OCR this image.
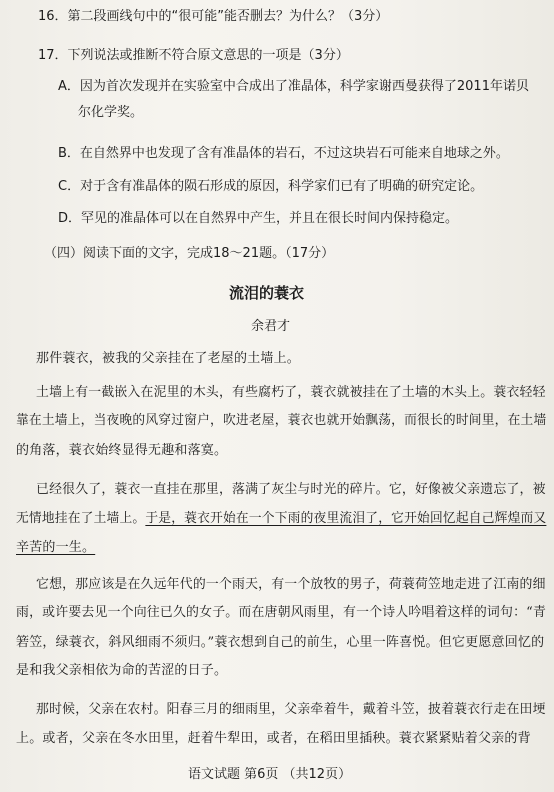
16．第二段画线句中的“很可能”能否删去？为什么？（3分）
17．下列说法或推断不符合原文意思的一项是（3分）
A．因为首次发现并在实验室中合成出了准晶体，科学家谢西曼获得了2011年诺贝
尔化学奖。
B．在自然界中也发现了含有准晶体的岩石，不过这块岩石可能来自地球之外。
C．对于含有准晶体的陨石形成的原因，科学家们已有了明确的研究定论。
D．罕见的准晶体可以在自然界中产生，并且在很长时间内保持稳定。
（四）阅读下面的文字，完成18～21题。（17分）
流泪的蓑衣
余君才
那件蓑衣，被我的父亲挂在了老屋的土墙上。
土墙上有一截嵌入在泥里的木头，有些腐朽了，蓑衣就被挂在了土墙的木头上。蓑衣轻轻
靠在土墙上，当夜晚的风穿过窗户，吹进老屋，蓑衣也就开始飘荡，而很长的时间里，在土墙
的角落，蓑衣始终显得无趣和落寞。
已经很久了，蓑衣一直挂在那里，落满了灰尘与时光的碎片。它，好像被父亲遗忘了，被
无情地挂在了土墙上。于是，蓑衣开始在一个下雨的夜里流泪了，它开始回忆起自己辉煌而又
辛苦的一生。
它想，那应该是在久远年代的一个雨天，有一个放牧的男子，荷蓑荷笠地走进了江南的细
雨，或许要去见一个向往已久的女子。而在唐朝风雨里，有一个诗人吟唱着这样的词句：“青
箬笠，绿蓑衣，斜风细雨不须归。”蓑衣想到自己的前生，心里一阵喜悦。但它更愿意回忆的
是和我父亲相依为命的苦涩的日子。
那时候，父亲在农村。阳春三月的细雨里，父亲牵着牛，戴着斗笠，披着蓑衣行走在田埂
上。或者，父亲在冬水田里，赶着牛犁田，或者，在稻田里插秧。蓑衣紧紧贴着父亲的背
语文试题 第6页 （共12页）
